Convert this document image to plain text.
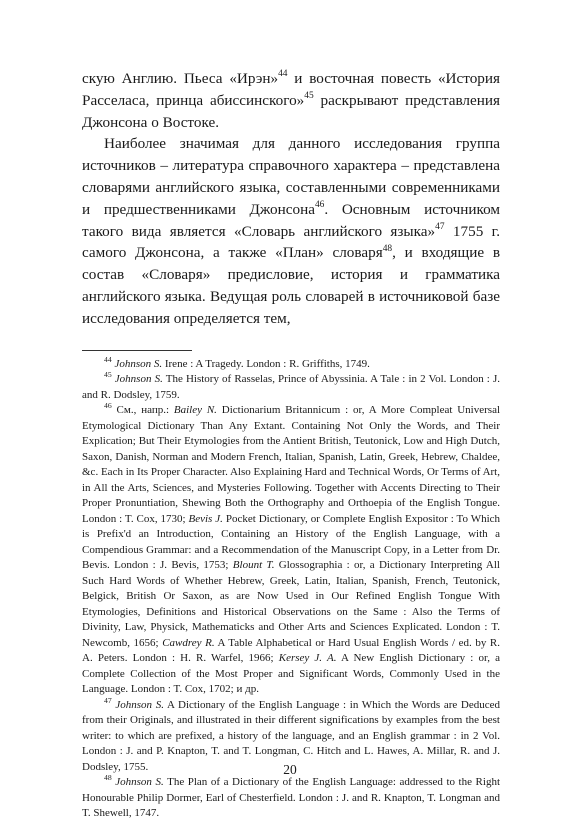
скую Англию. Пьеса «Ирэн»$^{44}$ и восточная повесть «История Расселаса, принца абиссинского»$^{45}$ раскрывают представления Джонсона о Востоке.

Наиболее значимая для данного исследования группа источников – литература справочного характера – представлена словарями английского языка, составленными современниками и предшественниками Джонсона$^{46}$. Основным источником такого вида является «Словарь английского языка»$^{47}$ 1755 г. самого Джонсона, а также «План» словаря$^{48}$, и входящие в состав «Словаря» предисловие, история и грамматика английского языка. Ведущая роль словарей в источниковой базе исследования определяется тем,

$^{44}$ Johnson S. Irene : A Tragedy. London : R. Griffiths, 1749.

$^{45}$ Johnson S. The History of Rasselas, Prince of Abyssinia. A Tale : in 2 Vol. London : J. and R. Dodsley, 1759.

$^{46}$ См., напр.: Bailey N. Dictionarium Britannicum : or, A More Compleat Universal Etymological Dictionary Than Any Extant. Containing Not Only the Words, and Their Explication; But Their Etymologies from the Antient British, Teutonick, Low and High Dutch, Saxon, Danish, Norman and Modern French, Italian, Spanish, Latin, Greek, Hebrew, Chaldee, &c. Each in Its Proper Character. Also Explaining Hard and Technical Words, Or Terms of Art, in All the Arts, Sciences, and Mysteries Following. Together with Accents Directing to Their Proper Pronuntiation, Shewing Both the Orthography and Orthoepia of the English Tongue. London : T. Cox, 1730; Bevis J. Pocket Dictionary, or Complete English Expositor : To Which is Prefix'd an Introduction, Containing an History of the English Language, with a Compendious Grammar: and a Recommendation of the Manuscript Copy, in a Letter from Dr. Bevis. London : J. Bevis, 1753; Blount T. Glossographia : or, a Dictionary Interpreting All Such Hard Words of Whether Hebrew, Greek, Latin, Italian, Spanish, French, Teutonick, Belgick, British Or Saxon, as are Now Used in Our Refined English Tongue With Etymologies, Definitions and Historical Observations on the Same : Also the Terms of Divinity, Law, Physick, Mathematicks and Other Arts and Sciences Explicated. London : T. Newcomb, 1656; Cawdrey R. A Table Alphabetical or Hard Usual English Words / ed. by R. A. Peters. London : H. R. Warfel, 1966; Kersey J. A. A New English Dictionary : or, a Complete Collection of the Most Proper and Significant Words, Commonly Used in the Language. London : T. Cox, 1702; и др.

$^{47}$ Johnson S. A Dictionary of the English Language : in Which the Words are Deduced from their Originals, and illustrated in their different significations by examples from the best writer: to which are prefixed, a history of the language, and an English grammar : in 2 Vol. London : J. and P. Knapton, T. and T. Longman, C. Hitch and L. Hawes, A. Millar, R. and J. Dodsley, 1755.

$^{48}$ Johnson S. The Plan of a Dictionary of the English Language: addressed to the Right Honourable Philip Dormer, Earl of Chesterfield. London : J. and R. Knapton, T. Longman and T. Shewell, 1747.

20
